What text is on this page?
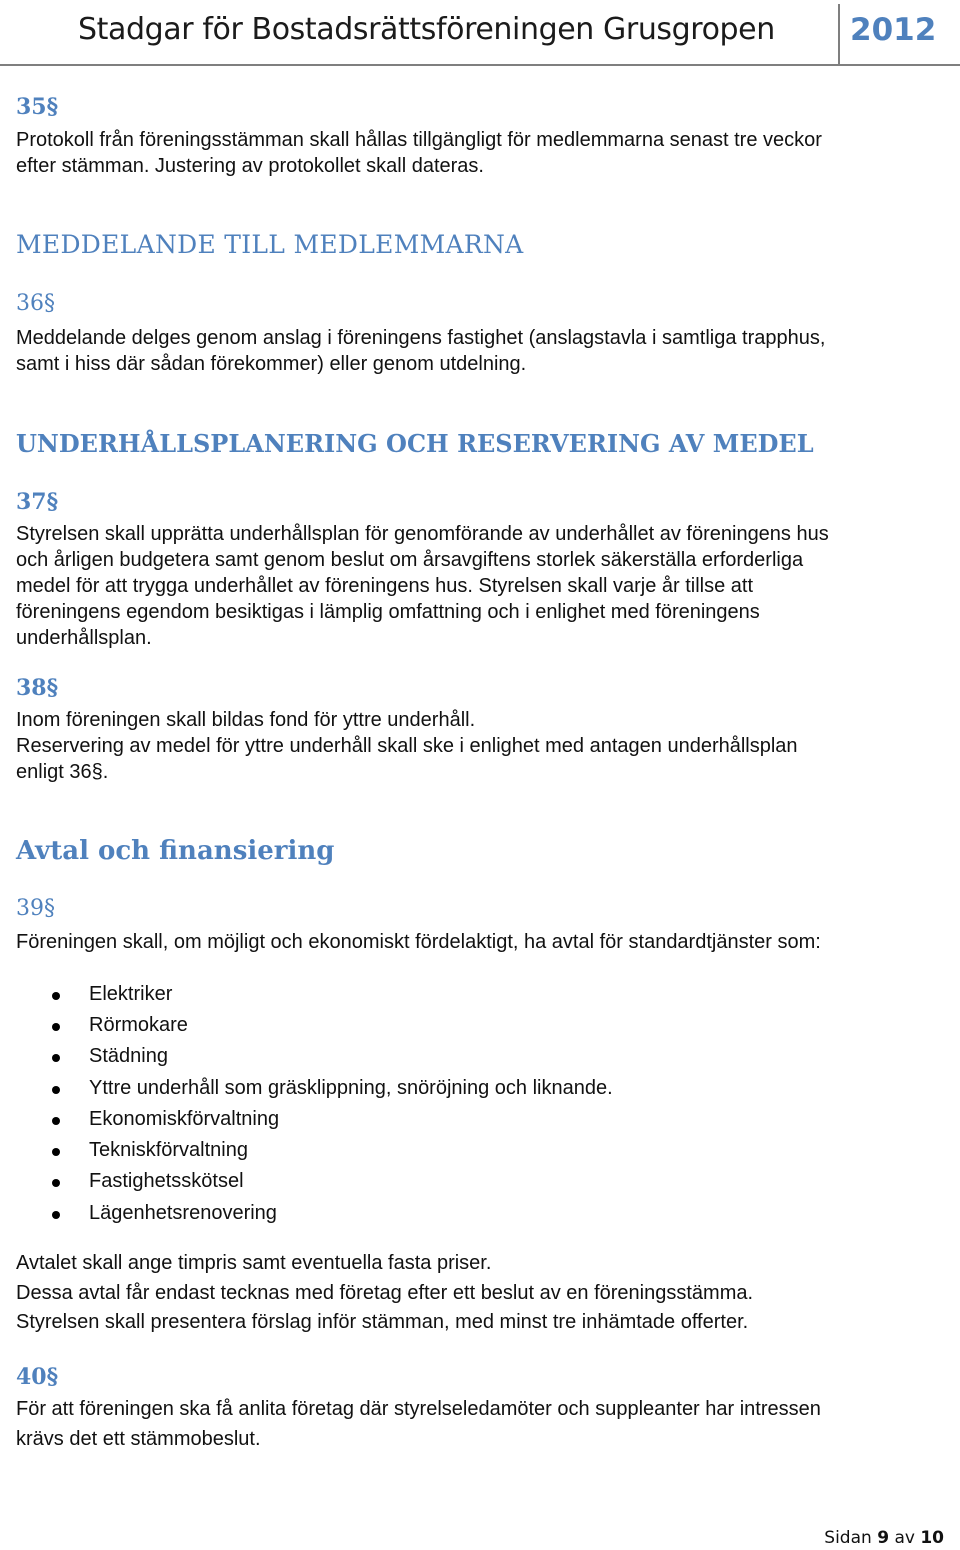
Stadgar för Bostadsrättsföreningen Grusgropen 2012
35§
Protokoll från föreningsstämman skall hållas tillgängligt för medlemmarna senast tre veckor
efter stämman. Justering av protokollet skall dateras.
MEDDELANDE TILL MEDLEMMARNA
36§
Meddelande delges genom anslag i föreningens fastighet (anslagstavla i samtliga trapphus,
samt i hiss där sådan förekommer) eller genom utdelning.
UNDERHÅLLSPLANERING OCH RESERVERING AV MEDEL
37§
Styrelsen skall upprätta underhållsplan för genomförande av underhållet av föreningens hus
och årligen budgetera samt genom beslut om årsavgiftens storlek säkerställa erforderliga
medel för att trygga underhållet av föreningens hus. Styrelsen skall varje år tillse att
föreningens egendom besiktigas i lämplig omfattning och i enlighet med föreningens
underhållsplan.
38§
Inom föreningen skall bildas fond för yttre underhåll.
Reservering av medel för yttre underhåll skall ske i enlighet med antagen underhållsplan
enligt 36§.
Avtal och finansiering
39§
Föreningen skall, om möjligt och ekonomiskt fördelaktigt, ha avtal för standardtjänster som:
Elektriker
Rörmokare
Städning
Yttre underhåll som gräsklippning, snöröjning och liknande.
Ekonomiskförvaltning
Tekniskförvaltning
Fastighetsskötsel
Lägenhetsrenovering
Avtalet skall ange timpris samt eventuella fasta priser.
Dessa avtal får endast tecknas med företag efter ett beslut av en föreningsstämma.
Styrelsen skall presentera förslag inför stämman, med minst tre inhämtade offerter.
40§
För att föreningen ska få anlita företag där styrelseledamöter och suppleanter har intressen
krävs det ett stämmobeslut.
Sidan 9 av 10
